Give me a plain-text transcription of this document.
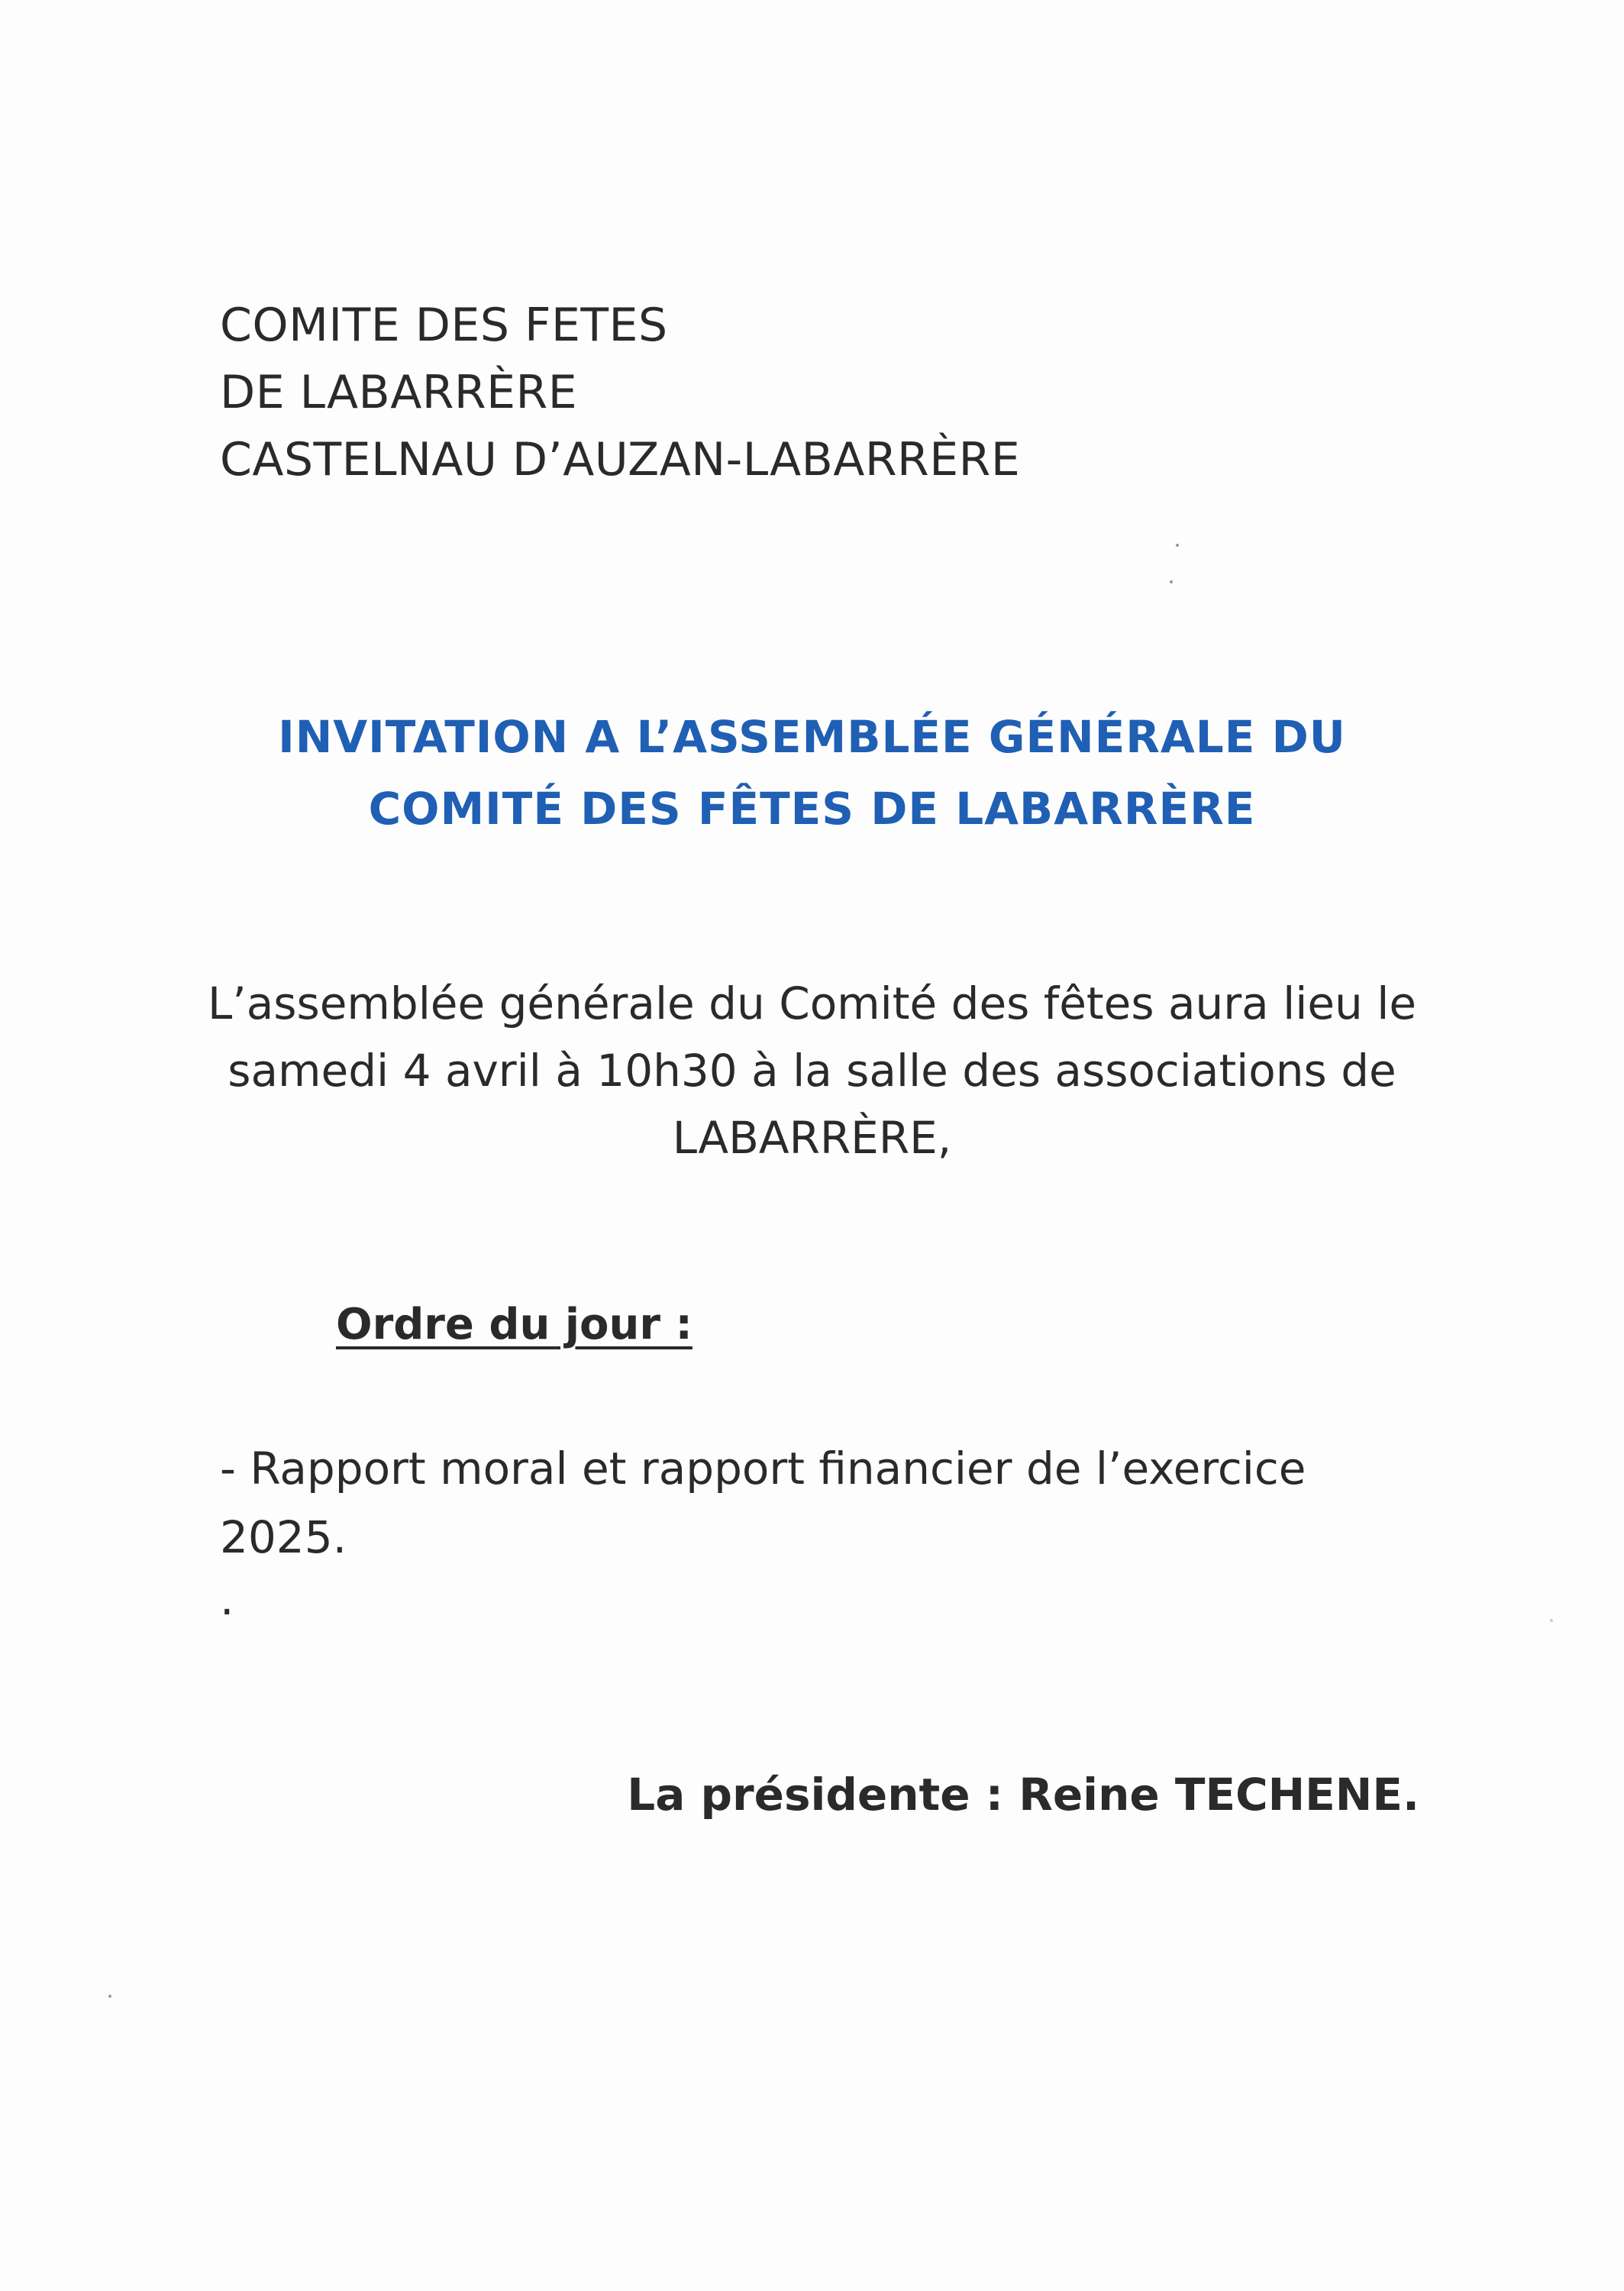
COMITE DES FETES
DE LABARRÈRE
CASTELNAU D’AUZAN-LABARRÈRE
INVITATION A L’ASSEMBLÉE GÉNÉRALE DU
COMITÉ DES FÊTES DE LABARRÈRE
L’assemblée générale du Comité des fêtes aura lieu le
samedi 4 avril à 10h30 à la salle des associations de
LABARRÈRE,
Ordre du jour :
- Rapport moral et rapport financier de l’exercice
2025.
.
La présidente : Reine TECHENE.
